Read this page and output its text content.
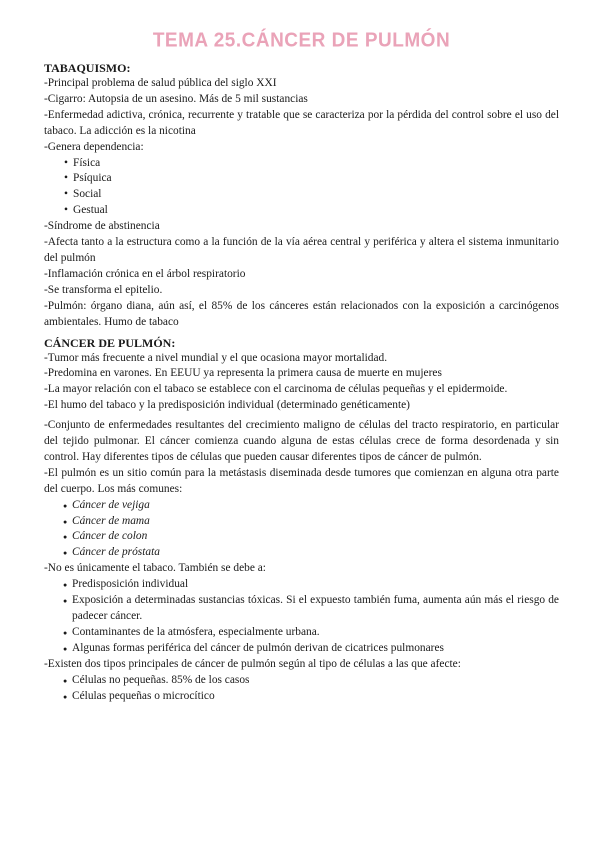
TEMA 25.CÁNCER DE PULMÓN
TABAQUISMO:

-Principal problema de salud pública del siglo XXI

-Cigarro: Autopsia de un asesino. Más de 5 mil sustancias

-Enfermedad adictiva, crónica, recurrente y tratable que se caracteriza por la pérdida del control sobre el uso del tabaco. La adicción es la nicotina

-Genera dependencia:

• Física
• Psíquica
• Social
• Gestual

-Síndrome de abstinencia

-Afecta tanto a la estructura como a la función de la vía aérea central y periférica y altera el sistema inmunitario del pulmón

-Inflamación crónica en el árbol respiratorio

-Se transforma el epitelio.

-Pulmón: órgano diana, aún así, el 85% de los cánceres están relacionados con la exposición a carcinógenos ambientales. Humo de tabaco

CÁNCER DE PULMÓN:

-Tumor más frecuente a nivel mundial y el que ocasiona mayor mortalidad.

-Predomina en varones. En EEUU ya representa la primera causa de muerte en mujeres

-La mayor relación con el tabaco se establece con el carcinoma de células pequeñas y el epidermoide.

-El humo del tabaco y la predisposición individual (determinado genéticamente)

-Conjunto de enfermedades resultantes del crecimiento maligno de células del tracto respiratorio, en particular del tejido pulmonar. El cáncer comienza cuando alguna de estas células crece de forma desordenada y sin control. Hay diferentes tipos de células que pueden causar diferentes tipos de cáncer de pulmón.

-El pulmón es un sitio común para la metástasis diseminada desde tumores que comienzan en alguna otra parte del cuerpo. Los más comunes:

● Cáncer de vejiga
● Cáncer de mama
● Cáncer de colon
● Cáncer de próstata

-No es únicamente el tabaco. También se debe a:

● Predisposición individual
● Exposición a determinadas sustancias tóxicas. Si el expuesto también fuma, aumenta aún más el riesgo de padecer cáncer.
● Contaminantes de la atmósfera, especialmente urbana.
● Algunas formas periférica del cáncer de pulmón derivan de cicatrices pulmonares

-Existen dos tipos principales de cáncer de pulmón según al tipo de células a las que afecte:

● Células no pequeñas. 85% de los casos
● Células pequeñas o microcítico
